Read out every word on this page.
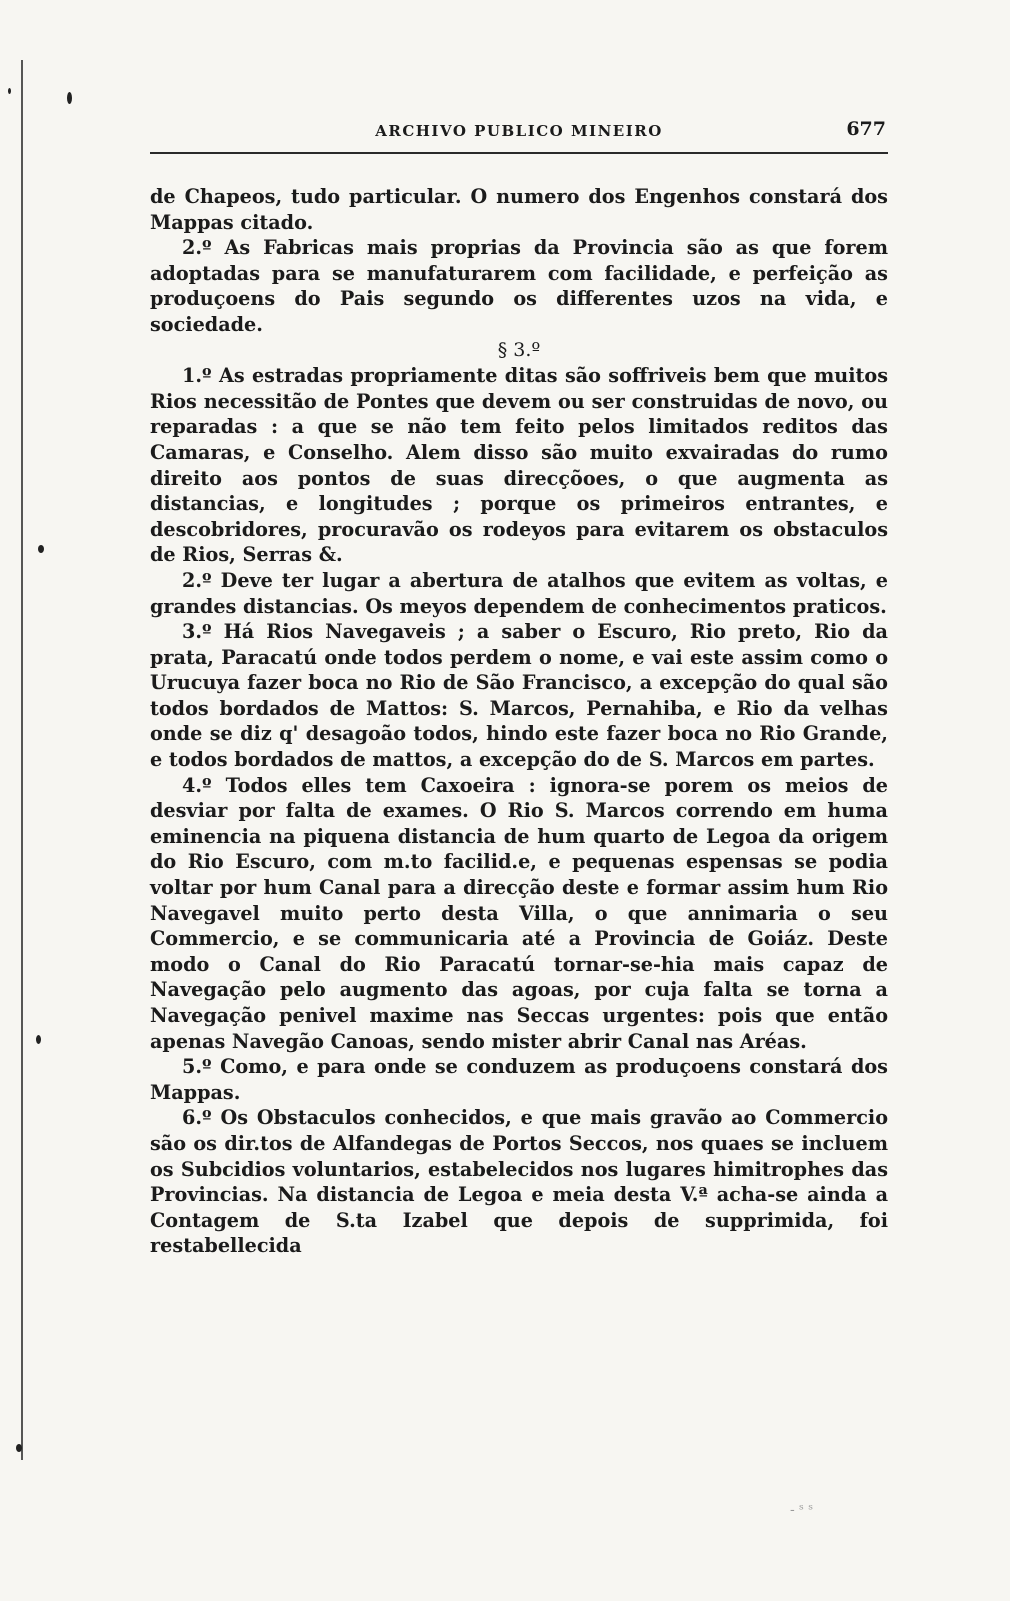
- ˢ ˢ
ARCHIVO PUBLICO MINEIRO	677

de Chapeos, tudo particular. O numero dos Engenhos constará dos Mappas citado.

2.º As Fabricas mais proprias da Provincia são as que forem adoptadas para se manufaturarem com facilidade, e perfeição as produçoens do Pais segundo os differentes uzos na vida, e sociedade.

§ 3.º

1.º As estradas propriamente ditas são soffriveis bem que muitos Rios necessitão de Pontes que devem ou ser construidas de novo, ou reparadas : a que se não tem feito pelos limitados reditos das Camaras, e Conselho. Alem disso são muito exvairadas do rumo direito aos pontos de suas direcçõoes, o que augmenta as distancias, e longitudes ; porque os primeiros entrantes, e descobridores, procuravão os rodeyos para evitarem os obstaculos de Rios, Serras &.

2.º Deve ter lugar a abertura de atalhos que evitem as voltas, e grandes distancias. Os meyos dependem de conhecimentos praticos.

3.º Há Rios Navegaveis ; a saber o Escuro, Rio preto, Rio da prata, Paracatú onde todos perdem o nome, e vai este assim como o Urucuya fazer boca no Rio de São Francisco, a excepção do qual são todos bordados de Mattos: S. Marcos, Pernahiba, e Rio da velhas onde se diz q' desagoão todos, hindo este fazer boca no Rio Grande, e todos bordados de mattos, a excepção do de S. Marcos em partes.

4.º Todos elles tem Caxoeira : ignora-se porem os meios de desviar por falta de exames. O Rio S. Marcos correndo em huma eminencia na piquena distancia de hum quarto de Legoa da origem do Rio Escuro, com m.to facilid.e, e pequenas espensas se podia voltar por hum Canal para a direcção deste e formar assim hum Rio Navegavel muito perto desta Villa, o que annimaria o seu Commercio, e se communicaria até a Provincia de Goiáz. Deste modo o Canal do Rio Paracatú tornar-se-hia mais capaz de Navegação pelo augmento das agoas, por cuja falta se torna a Navegação penivel maxime nas Seccas urgentes: pois que então apenas Navegão Canoas, sendo mister abrir Canal nas Aréas.

5.º Como, e para onde se conduzem as produçoens constará dos Mappas.

6.º Os Obstaculos conhecidos, e que mais gravão ao Commercio são os dir.tos de Alfandegas de Portos Seccos, nos quaes se incluem os Subcidios voluntarios, estabelecidos nos lugares himitrophes das Provincias. Na distancia de Legoa e meia desta V.ª acha-se ainda a Contagem de S.ta Izabel que depois de supprimida, foi restabellecida
